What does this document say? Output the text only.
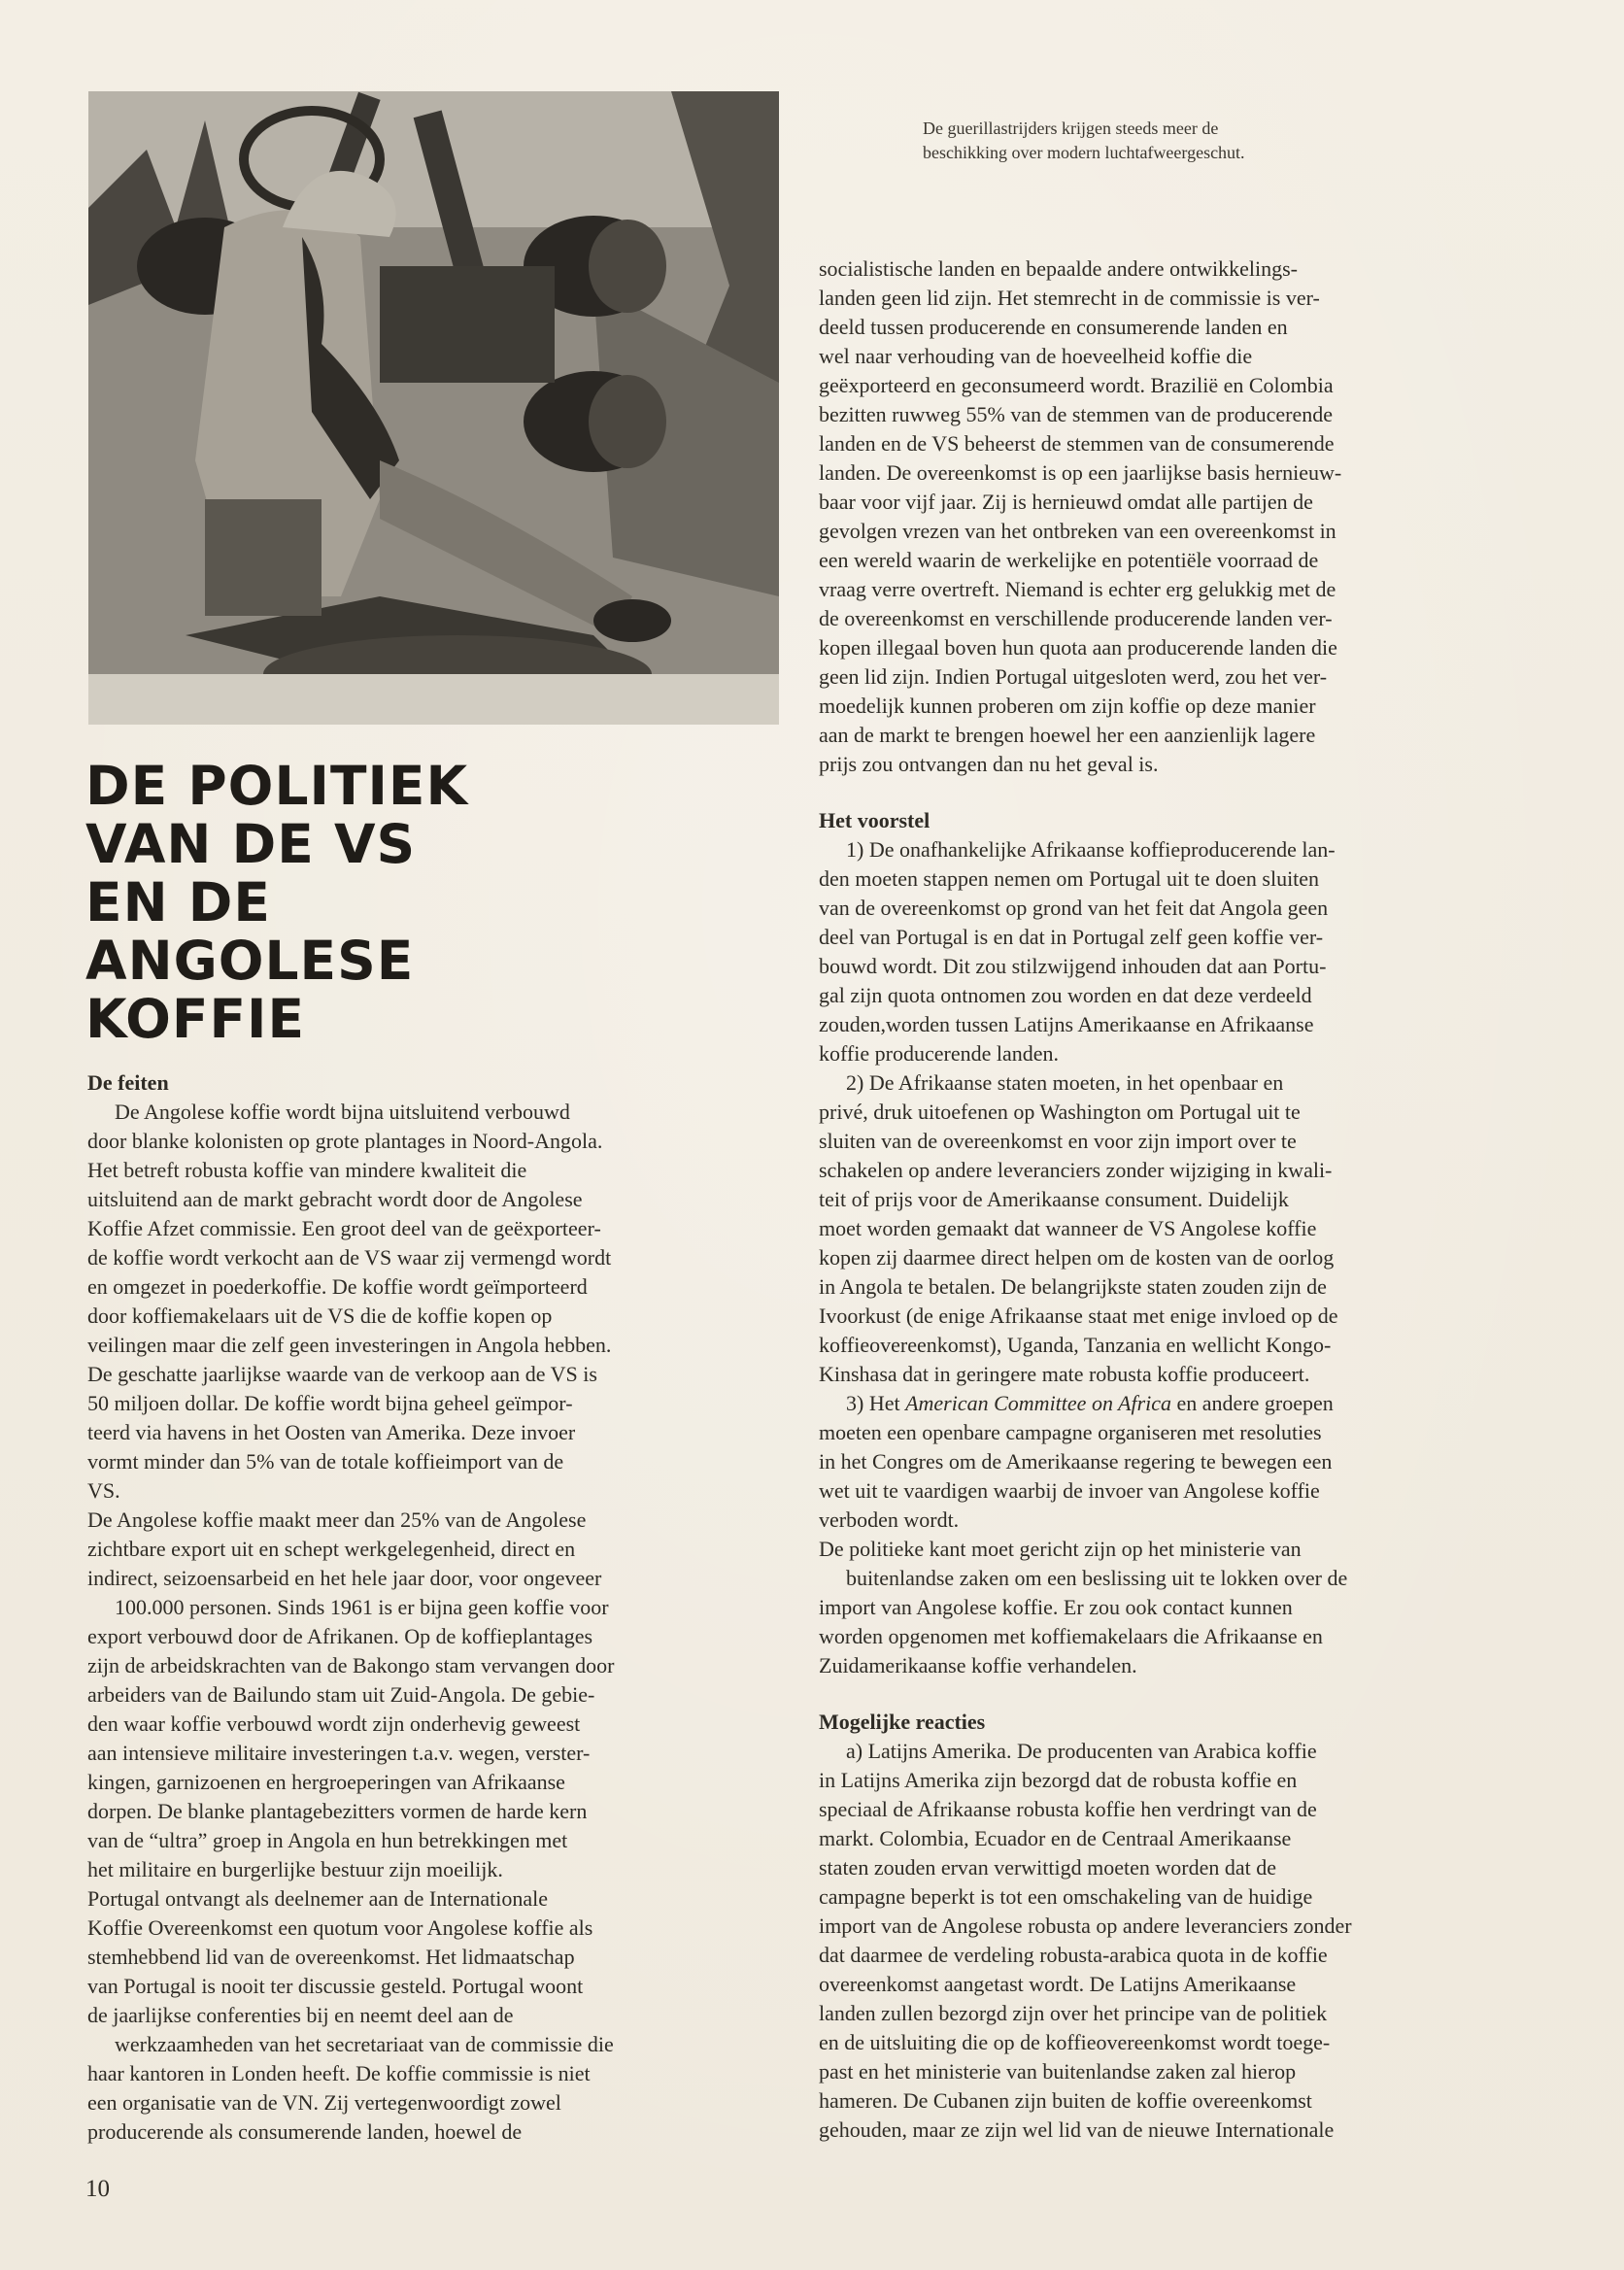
De guerillastrijders krijgen steeds meer de
beschikking over modern luchtafweergeschut.
DE POLITIEK
VAN DE VS
EN DE
ANGOLESE
KOFFIE
De feiten
De Angolese koffie wordt bijna uitsluitend verbouwd
door blanke kolonisten op grote plantages in Noord-Angola.
Het betreft robusta koffie van mindere kwaliteit die
uitsluitend aan de markt gebracht wordt door de Angolese
Koffie Afzet commissie. Een groot deel van de geëxporteer-
de koffie wordt verkocht aan de VS waar zij vermengd wordt
en omgezet in poederkoffie. De koffie wordt geïmporteerd
door koffiemakelaars uit de VS die de koffie kopen op
veilingen maar die zelf geen investeringen in Angola hebben.
De geschatte jaarlijkse waarde van de verkoop aan de VS is
50 miljoen dollar. De koffie wordt bijna geheel geïmpor-
teerd via havens in het Oosten van Amerika. Deze invoer
vormt minder dan 5% van de totale koffieimport van de
VS.
De Angolese koffie maakt meer dan 25% van de Angolese
zichtbare export uit en schept werkgelegenheid, direct en
indirect, seizoensarbeid en het hele jaar door, voor ongeveer
100.000 personen. Sinds 1961 is er bijna geen koffie voor
export verbouwd door de Afrikanen. Op de koffieplantages
zijn de arbeidskrachten van de Bakongo stam vervangen door
arbeiders van de Bailundo stam uit Zuid-Angola. De gebie-
den waar koffie verbouwd wordt zijn onderhevig geweest
aan intensieve militaire investeringen t.a.v. wegen, verster-
kingen, garnizoenen en hergroeperingen van Afrikaanse
dorpen. De blanke plantagebezitters vormen de harde kern
van de “ultra” groep in Angola en hun betrekkingen met
het militaire en burgerlijke bestuur zijn moeilijk.
Portugal ontvangt als deelnemer aan de Internationale
Koffie Overeenkomst een quotum voor Angolese koffie als
stemhebbend lid van de overeenkomst. Het lidmaatschap
van Portugal is nooit ter discussie gesteld. Portugal woont
de jaarlijkse conferenties bij en neemt deel aan de
werkzaamheden van het secretariaat van de commissie die
haar kantoren in Londen heeft. De koffie commissie is niet
een organisatie van de VN. Zij vertegenwoordigt zowel
producerende als consumerende landen, hoewel de
socialistische landen en bepaalde andere ontwikkelings-
landen geen lid zijn. Het stemrecht in de commissie is ver-
deeld tussen producerende en consumerende landen en
wel naar verhouding van de hoeveelheid koffie die
geëxporteerd en geconsumeerd wordt. Brazilië en Colombia
bezitten ruwweg 55% van de stemmen van de producerende
landen en de VS beheerst de stemmen van de consumerende
landen. De overeenkomst is op een jaarlijkse basis hernieuw-
baar voor vijf jaar. Zij is hernieuwd omdat alle partijen de
gevolgen vrezen van het ontbreken van een overeenkomst in
een wereld waarin de werkelijke en potentiële voorraad de
vraag verre overtreft. Niemand is echter erg gelukkig met de
de overeenkomst en verschillende producerende landen ver-
kopen illegaal boven hun quota aan producerende landen die
geen lid zijn. Indien Portugal uitgesloten werd, zou het ver-
moedelijk kunnen proberen om zijn koffie op deze manier
aan de markt te brengen hoewel her een aanzienlijk lagere
prijs zou ontvangen dan nu het geval is.
Het voorstel
1) De onafhankelijke Afrikaanse koffieproducerende lan-
den moeten stappen nemen om Portugal uit te doen sluiten
van de overeenkomst op grond van het feit dat Angola geen
deel van Portugal is en dat in Portugal zelf geen koffie ver-
bouwd wordt. Dit zou stilzwijgend inhouden dat aan Portu-
gal zijn quota ontnomen zou worden en dat deze verdeeld
zouden,worden tussen Latijns Amerikaanse en Afrikaanse
koffie producerende landen.
2) De Afrikaanse staten moeten, in het openbaar en
privé, druk uitoefenen op Washington om Portugal uit te
sluiten van de overeenkomst en voor zijn import over te
schakelen op andere leveranciers zonder wijziging in kwali-
teit of prijs voor de Amerikaanse consument. Duidelijk
moet worden gemaakt dat wanneer de VS Angolese koffie
kopen zij daarmee direct helpen om de kosten van de oorlog
in Angola te betalen. De belangrijkste staten zouden zijn de
Ivoorkust (de enige Afrikaanse staat met enige invloed op de
koffieovereenkomst), Uganda, Tanzania en wellicht Kongo-
Kinshasa dat in geringere mate robusta koffie produceert.
3) Het American Committee on Africa en andere groepen
moeten een openbare campagne organiseren met resoluties
in het Congres om de Amerikaanse regering te bewegen een
wet uit te vaardigen waarbij de invoer van Angolese koffie
verboden wordt.
De politieke kant moet gericht zijn op het ministerie van
buitenlandse zaken om een beslissing uit te lokken over de
import van Angolese koffie. Er zou ook contact kunnen
worden opgenomen met koffiemakelaars die Afrikaanse en
Zuidamerikaanse koffie verhandelen.
Mogelijke reacties
a) Latijns Amerika. De producenten van Arabica koffie
in Latijns Amerika zijn bezorgd dat de robusta koffie en
speciaal de Afrikaanse robusta koffie hen verdringt van de
markt. Colombia, Ecuador en de Centraal Amerikaanse
staten zouden ervan verwittigd moeten worden dat de
campagne beperkt is tot een omschakeling van de huidige
import van de Angolese robusta op andere leveranciers zonder
dat daarmee de verdeling robusta-arabica quota in de koffie
overeenkomst aangetast wordt. De Latijns Amerikaanse
landen zullen bezorgd zijn over het principe van de politiek
en de uitsluiting die op de koffieovereenkomst wordt toege-
past en het ministerie van buitenlandse zaken zal hierop
hameren. De Cubanen zijn buiten de koffie overeenkomst
gehouden, maar ze zijn wel lid van de nieuwe Internationale
10
